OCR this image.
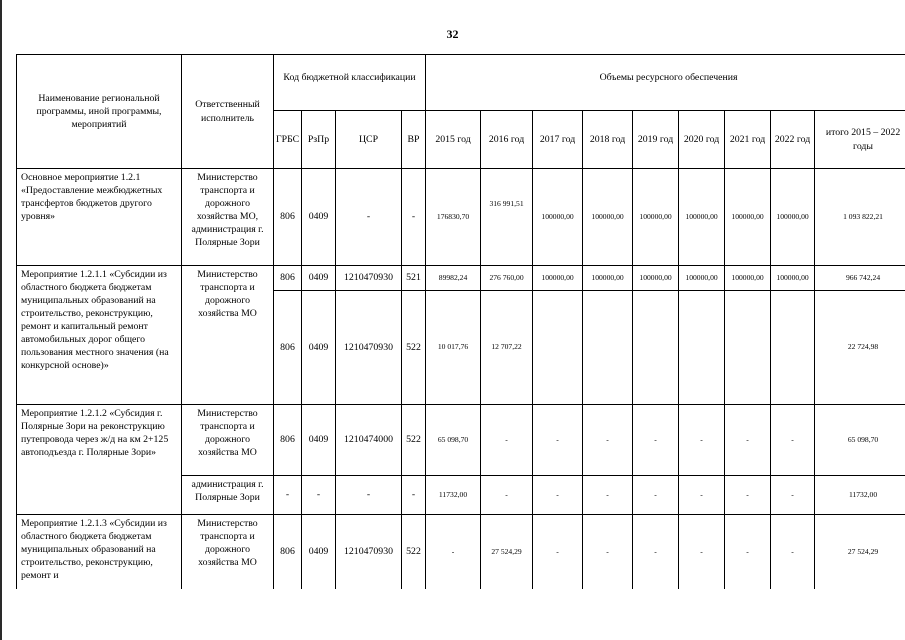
32
Наименование региональной программы, иной программы, мероприятий	Ответственный исполнитель	Код бюджетной классификации				Объемы ресурсного обеспечения								
		ГРБС	РзПр	ЦСР	ВР	2015 год	2016 год	2017 год	2018 год	2019 год	2020 год	2021 год	2022 год	итого 2015 – 2022 годы
Основное мероприятие 1.2.1 «Предоставление межбюджетных трансфертов бюджетов другого уровня»	Министерство транспорта и дорожного хозяйства МО, администрация г. Полярные Зори	806	0409	-	-	176830,70	316 991,51	100000,00	100000,00	100000,00	100000,00	100000,00	100000,00	1 093 822,21
Мероприятие 1.2.1.1 «Субсидии из областного бюджета бюджетам муниципальных образований на строительство, реконструкцию, ремонт и капитальный ремонт автомобильных дорог общего пользования местного значения (на конкурсной основе)»	Министерство транспорта и дорожного хозяйства МО	806	0409	1210470930	521	89982,24	276 760,00	100000,00	100000,00	100000,00	100000,00	100000,00	100000,00	966 742,24
		806	0409	1210470930	522	10 017,76	12 707,22							22 724,98
Мероприятие 1.2.1.2 «Субсидия г. Полярные Зори на реконструкцию путепровода через ж/д на км 2+125 автоподъезда г. Полярные Зори»	Министерство транспорта и дорожного хозяйства МО	806	0409	1210474000	522	65 098,70	-	-	-	-	-	-	-	65 098,70
	администрация г. Полярные Зори	-	-	-	-	11732,00	-	-	-	-	-	-	-	11732,00
Мероприятие 1.2.1.3 «Субсидии из областного бюджета бюджетам муниципальных образований на строительство, реконструкцию, ремонт и	Министерство транспорта и дорожного хозяйства МО	806	0409	1210470930	522	-	27 524,29	-	-	-	-	-	-	27 524,29
